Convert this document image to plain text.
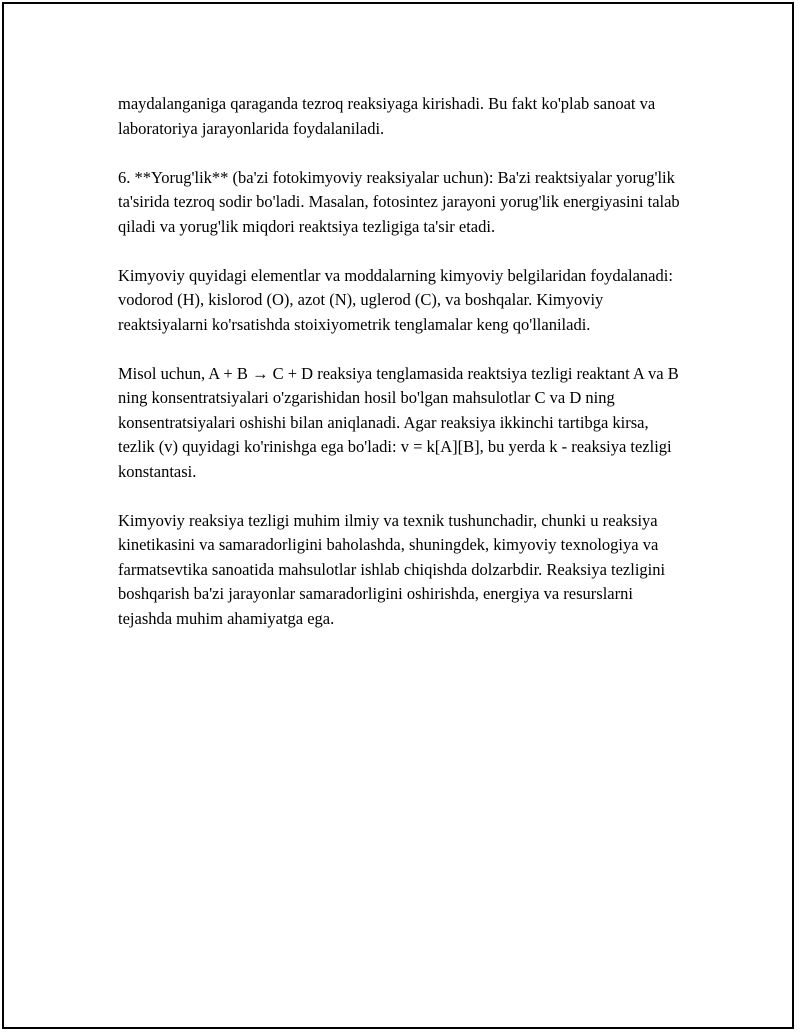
maydalanganiga qaraganda tezroq reaksiyaga kirishadi. Bu fakt ko'plab sanoat va laboratoriya jarayonlarida foydalaniladi.

6. **Yorug'lik** (ba'zi fotokimyoviy reaksiyalar uchun): Ba'zi reaktsiyalar yorug'lik ta'sirida tezroq sodir bo'ladi. Masalan, fotosintez jarayoni yorug'lik energiyasini talab qiladi va yorug'lik miqdori reaktsiya tezligiga ta'sir etadi.

Kimyoviy quyidagi elementlar va moddalarning kimyoviy belgilaridan foydalanadi: vodorod (H), kislorod (O), azot (N), uglerod (C), va boshqalar. Kimyoviy reaktsiyalarni ko'rsatishda stoixiyometrik tenglamalar keng qo'llaniladi.

Misol uchun, A + B → C + D reaksiya tenglamasida reaktsiya tezligi reaktant A va B ning konsentratsiyalari o'zgarishidan hosil bo'lgan mahsulotlar C va D ning konsentratsiyalari oshishi bilan aniqlanadi. Agar reaksiya ikkinchi tartibga kirsa, tezlik (v) quyidagi ko'rinishga ega bo'ladi: v = k[A][B], bu yerda k - reaksiya tezligi konstantasi.

Kimyoviy reaksiya tezligi muhim ilmiy va texnik tushunchadir, chunki u reaksiya kinetikasini va samaradorligini baholashda, shuningdek, kimyoviy texnologiya va farmatsevtika sanoatida mahsulotlar ishlab chiqishda dolzarbdir. Reaksiya tezligini boshqarish ba'zi jarayonlar samaradorligini oshirishda, energiya va resurslarni tejashda muhim ahamiyatga ega.
